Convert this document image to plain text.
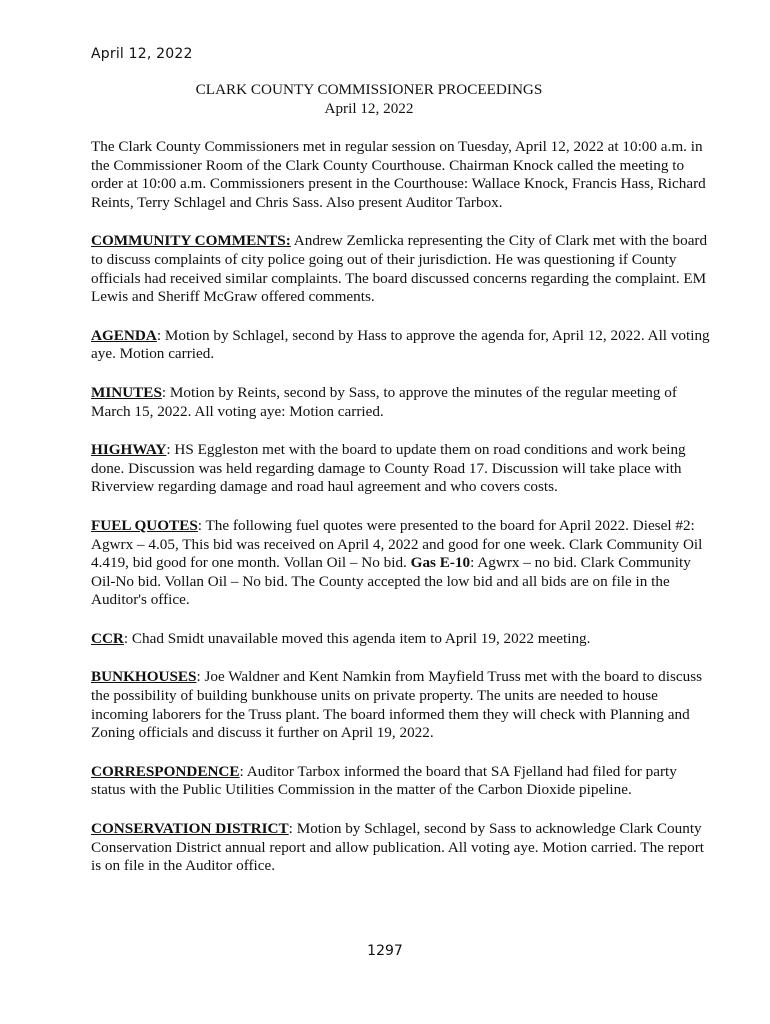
April 12, 2022
CLARK COUNTY COMMISSIONER PROCEEDINGS
April 12, 2022

The Clark County Commissioners met in regular session on Tuesday, April 12, 2022 at 10:00 a.m. in the Commissioner Room of the Clark County Courthouse. Chairman Knock called the meeting to order at 10:00 a.m. Commissioners present in the Courthouse: Wallace Knock, Francis Hass, Richard Reints, Terry Schlagel and Chris Sass. Also present Auditor Tarbox.

COMMUNITY COMMENTS: Andrew Zemlicka representing the City of Clark met with the board to discuss complaints of city police going out of their jurisdiction. He was questioning if County officials had received similar complaints. The board discussed concerns regarding the complaint. EM Lewis and Sheriff McGraw offered comments.

AGENDA: Motion by Schlagel, second by Hass to approve the agenda for, April 12, 2022. All voting aye. Motion carried.

MINUTES: Motion by Reints, second by Sass, to approve the minutes of the regular meeting of March 15, 2022. All voting aye: Motion carried.

HIGHWAY: HS Eggleston met with the board to update them on road conditions and work being done. Discussion was held regarding damage to County Road 17. Discussion will take place with Riverview regarding damage and road haul agreement and who covers costs.

FUEL QUOTES: The following fuel quotes were presented to the board for April 2022. Diesel #2: Agwrx – 4.05, This bid was received on April 4, 2022 and good for one week. Clark Community Oil 4.419, bid good for one month. Vollan Oil – No bid. Gas E-10: Agwrx – no bid. Clark Community Oil-No bid. Vollan Oil – No bid. The County accepted the low bid and all bids are on file in the Auditor's office.

CCR: Chad Smidt unavailable moved this agenda item to April 19, 2022 meeting.

BUNKHOUSES: Joe Waldner and Kent Namkin from Mayfield Truss met with the board to discuss the possibility of building bunkhouse units on private property. The units are needed to house incoming laborers for the Truss plant. The board informed them they will check with Planning and Zoning officials and discuss it further on April 19, 2022.

CORRESPONDENCE: Auditor Tarbox informed the board that SA Fjelland had filed for party status with the Public Utilities Commission in the matter of the Carbon Dioxide pipeline.

CONSERVATION DISTRICT: Motion by Schlagel, second by Sass to acknowledge Clark County Conservation District annual report and allow publication. All voting aye. Motion carried. The report is on file in the Auditor office.

1297
